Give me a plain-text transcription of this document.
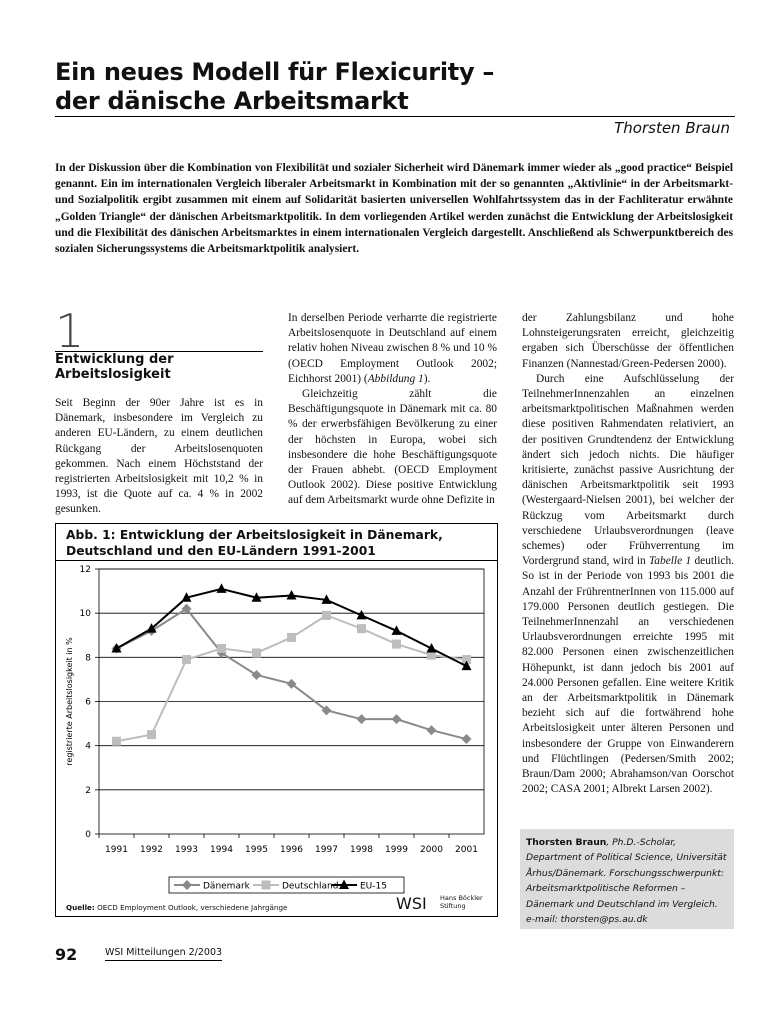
Ein neues Modell für Flexicurity –
der dänische Arbeitsmarkt
Thorsten Braun
In der Diskussion über die Kombination von Flexibilität und sozialer Sicherheit wird Dänemark immer wieder als „good practice“ Beispiel genannt. Ein im internationalen Vergleich liberaler Arbeitsmarkt in Kombination mit der so genannten „Aktivlinie“ in der Arbeitsmarkt- und Sozialpolitik ergibt zusammen mit einem auf Solidarität basierten universellen Wohlfahrtssystem das in der Fachliteratur erwähnte „Golden Triangle“ der dänischen Arbeitsmarktpolitik. In dem vorliegenden Artikel werden zunächst die Entwicklung der Arbeitslosigkeit und die Flexibilität des dänischen Arbeitsmarktes in einem internationalen Vergleich dargestellt. Anschließend als Schwerpunktbereich des sozialen Sicherungssystems die Arbeitsmarktpolitik analysiert.
1
Entwicklung der Arbeitslosigkeit

Seit Beginn der 90er Jahre ist es in Dänemark, insbesondere im Vergleich zu anderen EU-Ländern, zu einem deutlichen Rückgang der Arbeitslosenquoten gekommen. Nach einem Höchststand der registrierten Arbeitslosigkeit mit 10,2 % in 1993, ist die Quote auf ca. 4 % in 2002 gesunken.

In derselben Periode verharrte die registrierte Arbeitslosenquote in Deutschland auf einem relativ hohen Niveau zwischen 8 % und 10 % (OECD Employment Outlook 2002; Eichhorst 2001) (Abbildung 1).

Gleichzeitig zählt die Beschäftigungsquote in Dänemark mit ca. 80 % der erwerbsfähigen Bevölkerung zu einer der höchsten in Europa, wobei sich insbesondere die hohe Beschäftigungsquote der Frauen abhebt. (OECD Employment Outlook 2002). Diese positive Entwicklung auf dem Arbeitsmarkt wurde ohne Defizite in

der Zahlungsbilanz und hohe Lohnsteigerungsraten erreicht, gleichzeitig ergaben sich Überschüsse der öffentlichen Finanzen (Nannestad/Green-Pedersen 2000).

Durch eine Aufschlüsselung der TeilnehmerInnenzahlen an einzelnen arbeitsmarktpolitischen Maßnahmen werden diese positiven Rahmendaten relativiert, an der positiven Grundtendenz der Entwicklung ändert sich jedoch nichts. Die häufiger kritisierte, zunächst passive Ausrichtung der dänischen Arbeitsmarktpolitik seit 1993 (Westergaard-Nielsen 2001), bei welcher der Rückzug vom Arbeitsmarkt durch verschiedene Urlaubsverordnungen (leave schemes) oder Frühverrentung im Vordergrund stand, wird in Tabelle 1 deutlich. So ist in der Periode von 1993 bis 2001 die Anzahl der FrührentnerInnen von 115.000 auf 179.000 Personen deutlich gestiegen. Die TeilnehmerInnenzahl an verschiedenen Urlaubsverordnungen erreichte 1995 mit 82.000 Personen einen zwischenzeitlichen Höhepunkt, ist dann jedoch bis 2001 auf 24.000 Personen gefallen. Eine weitere Kritik an der Arbeitsmarktpolitik in Dänemark bezieht sich auf die fortwährend hohe Arbeitslosigkeit unter älteren Personen und insbesondere der Gruppe von Einwanderern und Flüchtlingen (Pedersen/Smith 2002; Braun/Dam 2000; Abrahamson/van Oorschot 2002; CASA 2001; Albrekt Larsen 2002).

Abb. 1: Entwicklung der Arbeitslosigkeit in Dänemark, Deutschland und den EU-Ländern 1991-2001
0
2
4
6
8
10
12
1991 1992 1993 1994 1995 1996 1997 1998 1999 2000 2001
registrierte Arbeitslosigkeit in %
Dänemark	Deutschland EU-15
Quelle: OECD Employment Outlook, verschiedene Jahrgänge	WSI Hans Böckler
Stiftung
Thorsten Braun, Ph.D.-Scholar, Department of Political Science, Universität Århus/Dänemark. Forschungsschwerpunkt: Arbeitsmarktpolitische Reformen – Dänemark und Deutschland im Vergleich.
e-mail: thorsten@ps.au.dk
92	WSI Mitteilungen 2/2003
